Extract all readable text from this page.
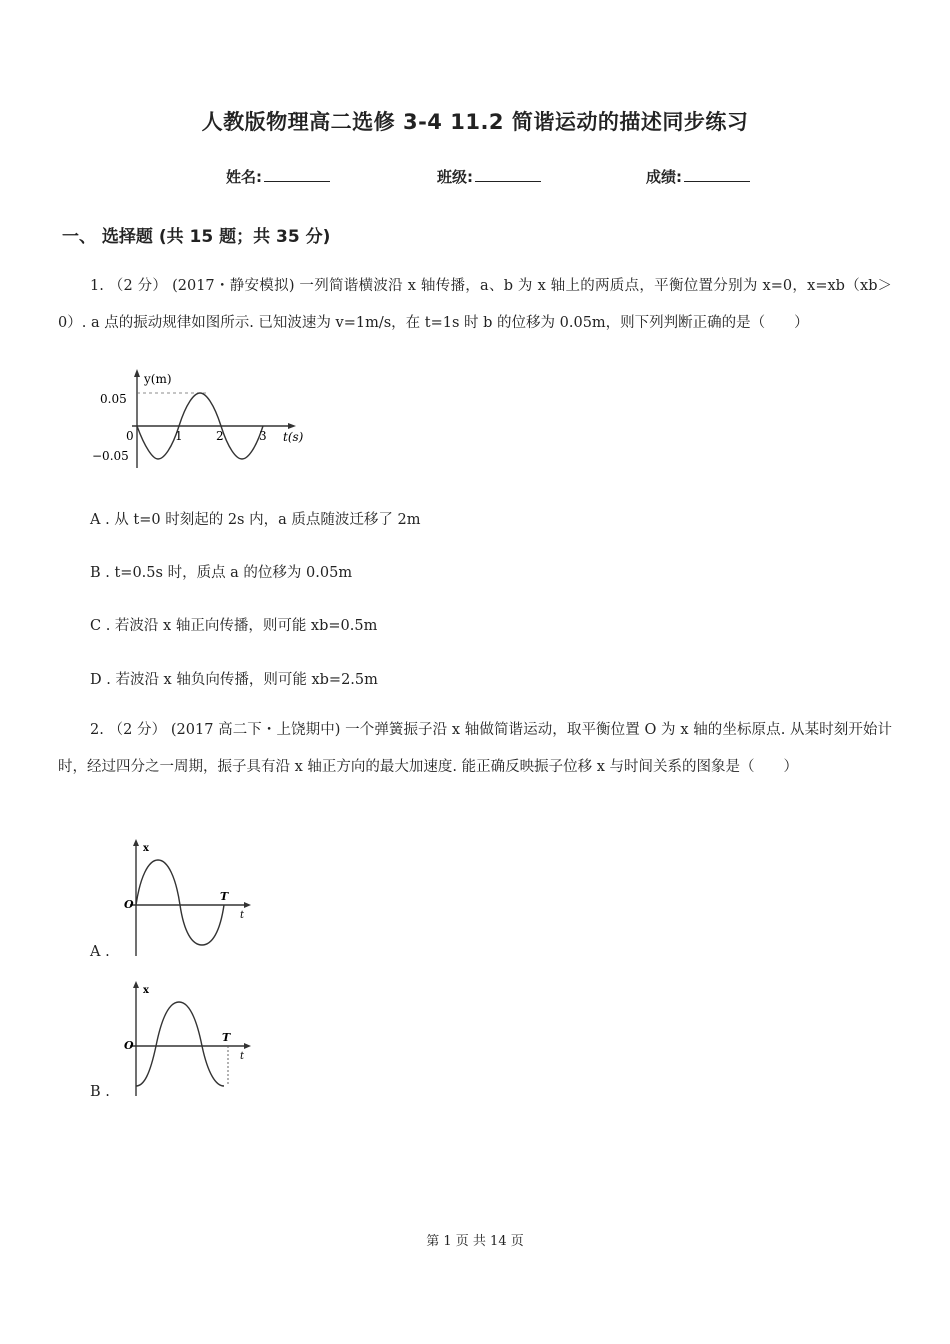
人教版物理高二选修 3-4 11.2 简谐运动的描述同步练习
姓名:	班级:	成绩:
一、 选择题 (共 15 题；共 35 分)
1. （2 分） (2017・静安模拟) 一列简谐横波沿 x 轴传播，a、b 为 x 轴上的两质点，平衡位置分别为 x=0，x=xb（xb＞0）. a 点的振动规律如图所示. 已知波速为 v=1m/s，在 t=1s 时 b 的位移为 0.05m，则下列判断正确的是（　　）
y(m)
t(s)
0.05
0
−0.05
1	2	3
A . 从 t=0 时刻起的 2s 内，a 质点随波迁移了 2m
B . t=0.5s 时，质点 a 的位移为 0.05m
C . 若波沿 x 轴正向传播，则可能 xb=0.5m
D . 若波沿 x 轴负向传播，则可能 xb=2.5m
2. （2 分） (2017 高二下・上饶期中) 一个弹簧振子沿 x 轴做简谐运动，取平衡位置 O 为 x 轴的坐标原点. 从某时刻开始计时，经过四分之一周期，振子具有沿 x 轴正方向的最大加速度. 能正确反映振子位移 x 与时间关系的图象是（　　）
x
O
T
t
A .
x
O
T
t
B .
第 1 页 共 14 页
